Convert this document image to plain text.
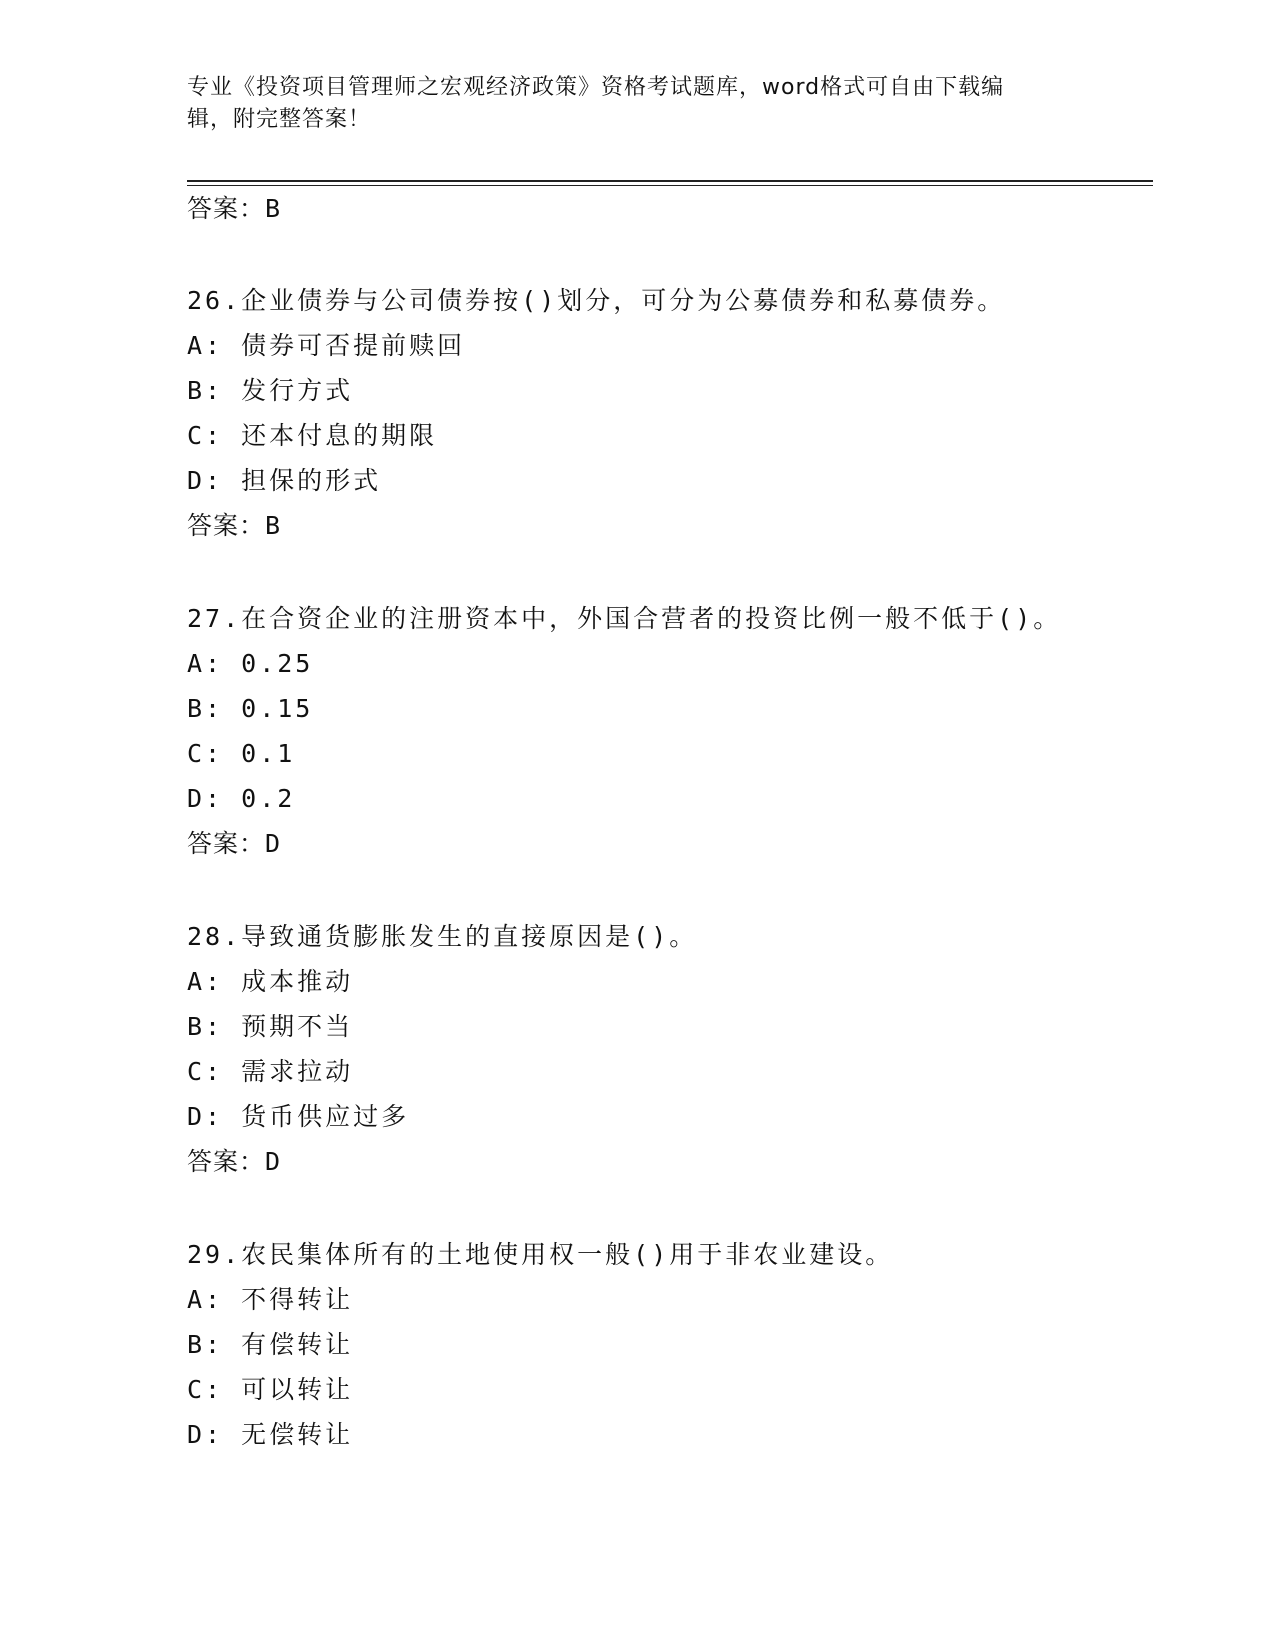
专业《投资项目管理师之宏观经济政策》资格考试题库，word格式可自由下载编
辑，附完整答案！
答案：B
26.企业债券与公司债券按()划分，可分为公募债券和私募债券。
A: 债券可否提前赎回
B: 发行方式
C: 还本付息的期限
D: 担保的形式
答案：B
27.在合资企业的注册资本中，外国合营者的投资比例一般不低于()。
A: 0.25
B: 0.15
C: 0.1
D: 0.2
答案：D
28.导致通货膨胀发生的直接原因是()。
A: 成本推动
B: 预期不当
C: 需求拉动
D: 货币供应过多
答案：D
29.农民集体所有的土地使用权一般()用于非农业建设。
A: 不得转让
B: 有偿转让
C: 可以转让
D: 无偿转让
